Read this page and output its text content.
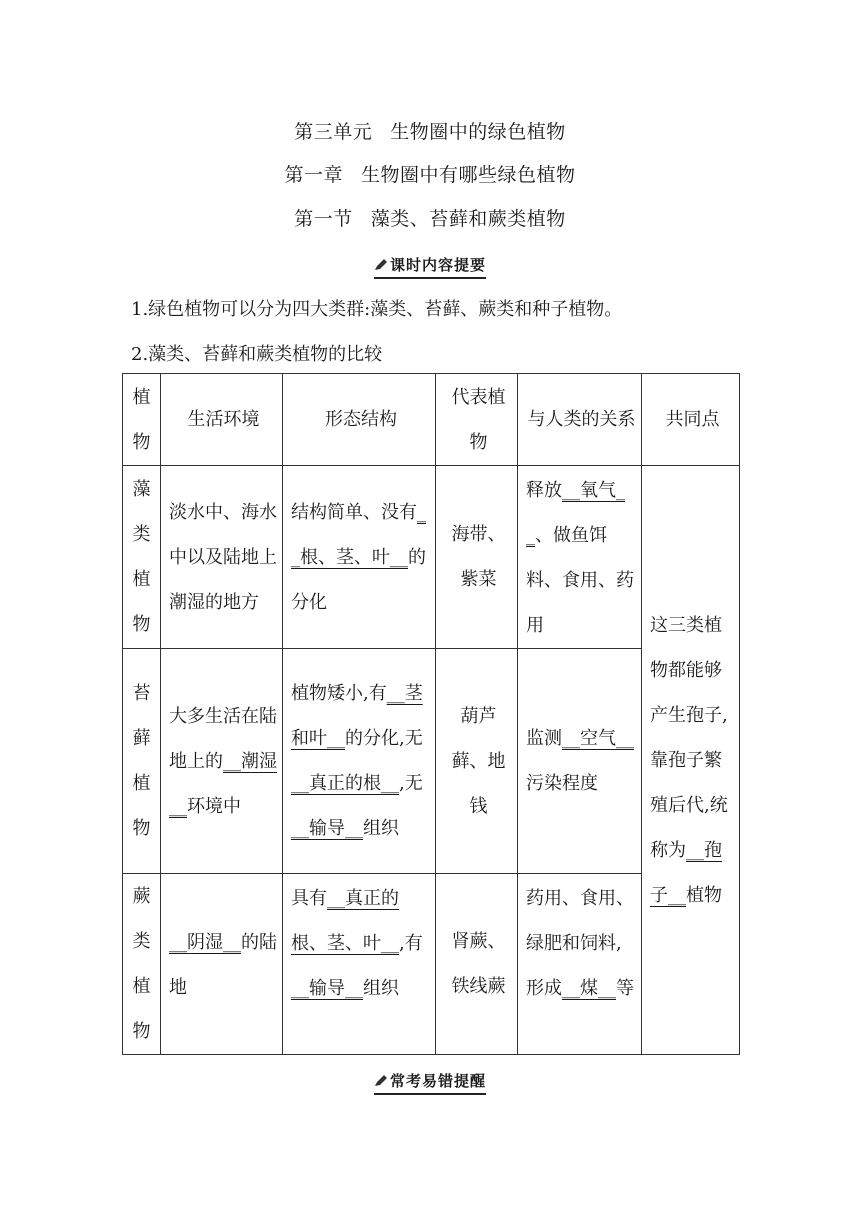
第三单元 生物圈中的绿色植物
第一章 生物圈中有哪些绿色植物
第一节 藻类、苔藓和蕨类植物
课时内容提要
1.绿色植物可以分为四大类群:藻类、苔藓、蕨类和种子植物。
2.藻类、苔藓和蕨类植物的比较
植物	生活环境	形态结构	代表植物	与人类的关系	共同点
藻类植物	淡水中、海水中以及陆地上潮湿的地方	结构简单、没有__根、茎、叶__的分化	海带、紫菜	释放__氧气__、做鱼饵料、食用、药用	这三类植物都能够产生孢子,靠孢子繁殖后代,统称为__孢子__植物
苔藓植物	大多生活在陆地上的__潮湿__环境中	植物矮小,有__茎和叶__的分化,无__真正的根__,无__输导__组织	葫芦藓、地钱	监测__空气__污染程度	
蕨类植物	__阴湿__的陆地	具有__真正的根、茎、叶__,有__输导__组织	肾蕨、铁线蕨	药用、食用、绿肥和饲料,形成__煤__等	
常考易错提醒
